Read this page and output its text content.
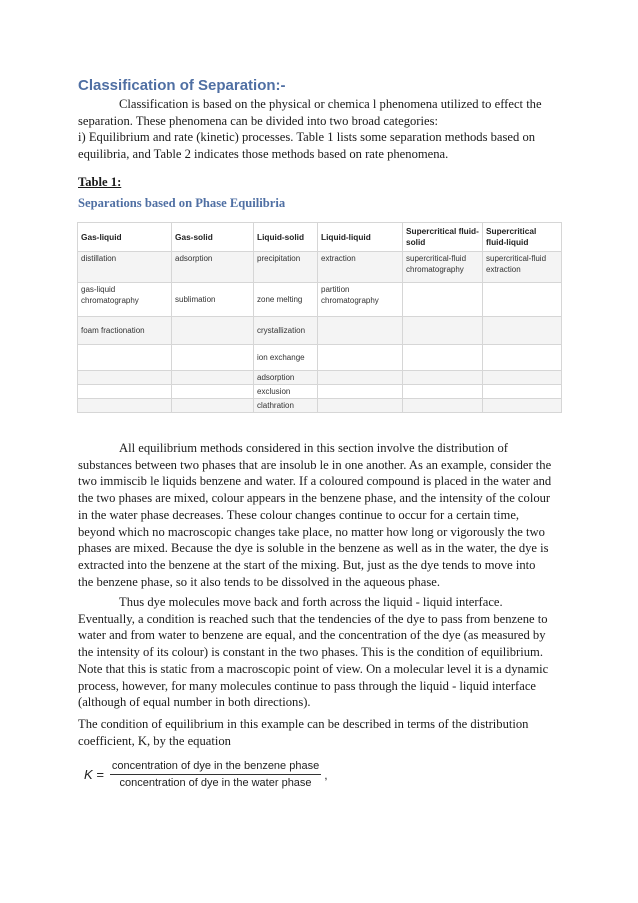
Classification of Separation:-
Classification is based on the physical or chemica l phenomena utilized to effect the
separation. These phenomena can be divided into two broad categories:
i) Equilibrium and rate (kinetic) processes. Table 1 lists some separation methods based on
equilibria, and Table 2 indicates those methods based on rate phenomena.
Table 1:
Separations based on Phase Equilibria
Gas-liquid	Gas-solid	Liquid-solid	Liquid-liquid	Supercritical fluid-solid	Supercritical fluid-liquid
distillation	adsorption	precipitation	extraction	supercritical-fluid chromatography	supercritical-fluid extraction
gas-liquid chromatography	sublimation	zone melting	partition chromatography		
foam fractionation		crystallization			
		ion exchange			
		adsorption			
		exclusion			
		clathration			
All equilibrium methods considered in this section involve the distribution of
substances between two phases that are insolub le in one another. As an example, consider the
two immiscib le liquids benzene and water. If a coloured compound is placed in the water and
the two phases are mixed, colour appears in the benzene phase, and the intensity of the colour
in the water phase decreases. These colour changes continue to occur for a certain time,
beyond which no macroscopic changes take place, no matter how long or vigorously the two
phases are mixed. Because the dye is soluble in the benzene as well as in the water, the dye is
extracted into the benzene at the start of the mixing. But, just as the dye tends to move into
the benzene phase, so it also tends to be dissolved in the aqueous phase.
Thus dye molecules move back and forth across the liquid - liquid interface.
Eventually, a condition is reached such that the tendencies of the dye to pass from benzene to
water and from water to benzene are equal, and the concentration of the dye (as measured by
the intensity of its colour) is constant in the two phases. This is the condition of equilibrium.
Note that this is static from a macroscopic point of view. On a molecular level it is a dynamic
process, however, for many molecules continue to pass through the liquid - liquid interface
(although of equal number in both directions).
The condition of equilibrium in this example can be described in terms of the distribution
coefficient, K, by the equation
$K = \frac{\text{concentration of dye in the benzene phase}}{\text{concentration of dye in the water phase}}$ ,
